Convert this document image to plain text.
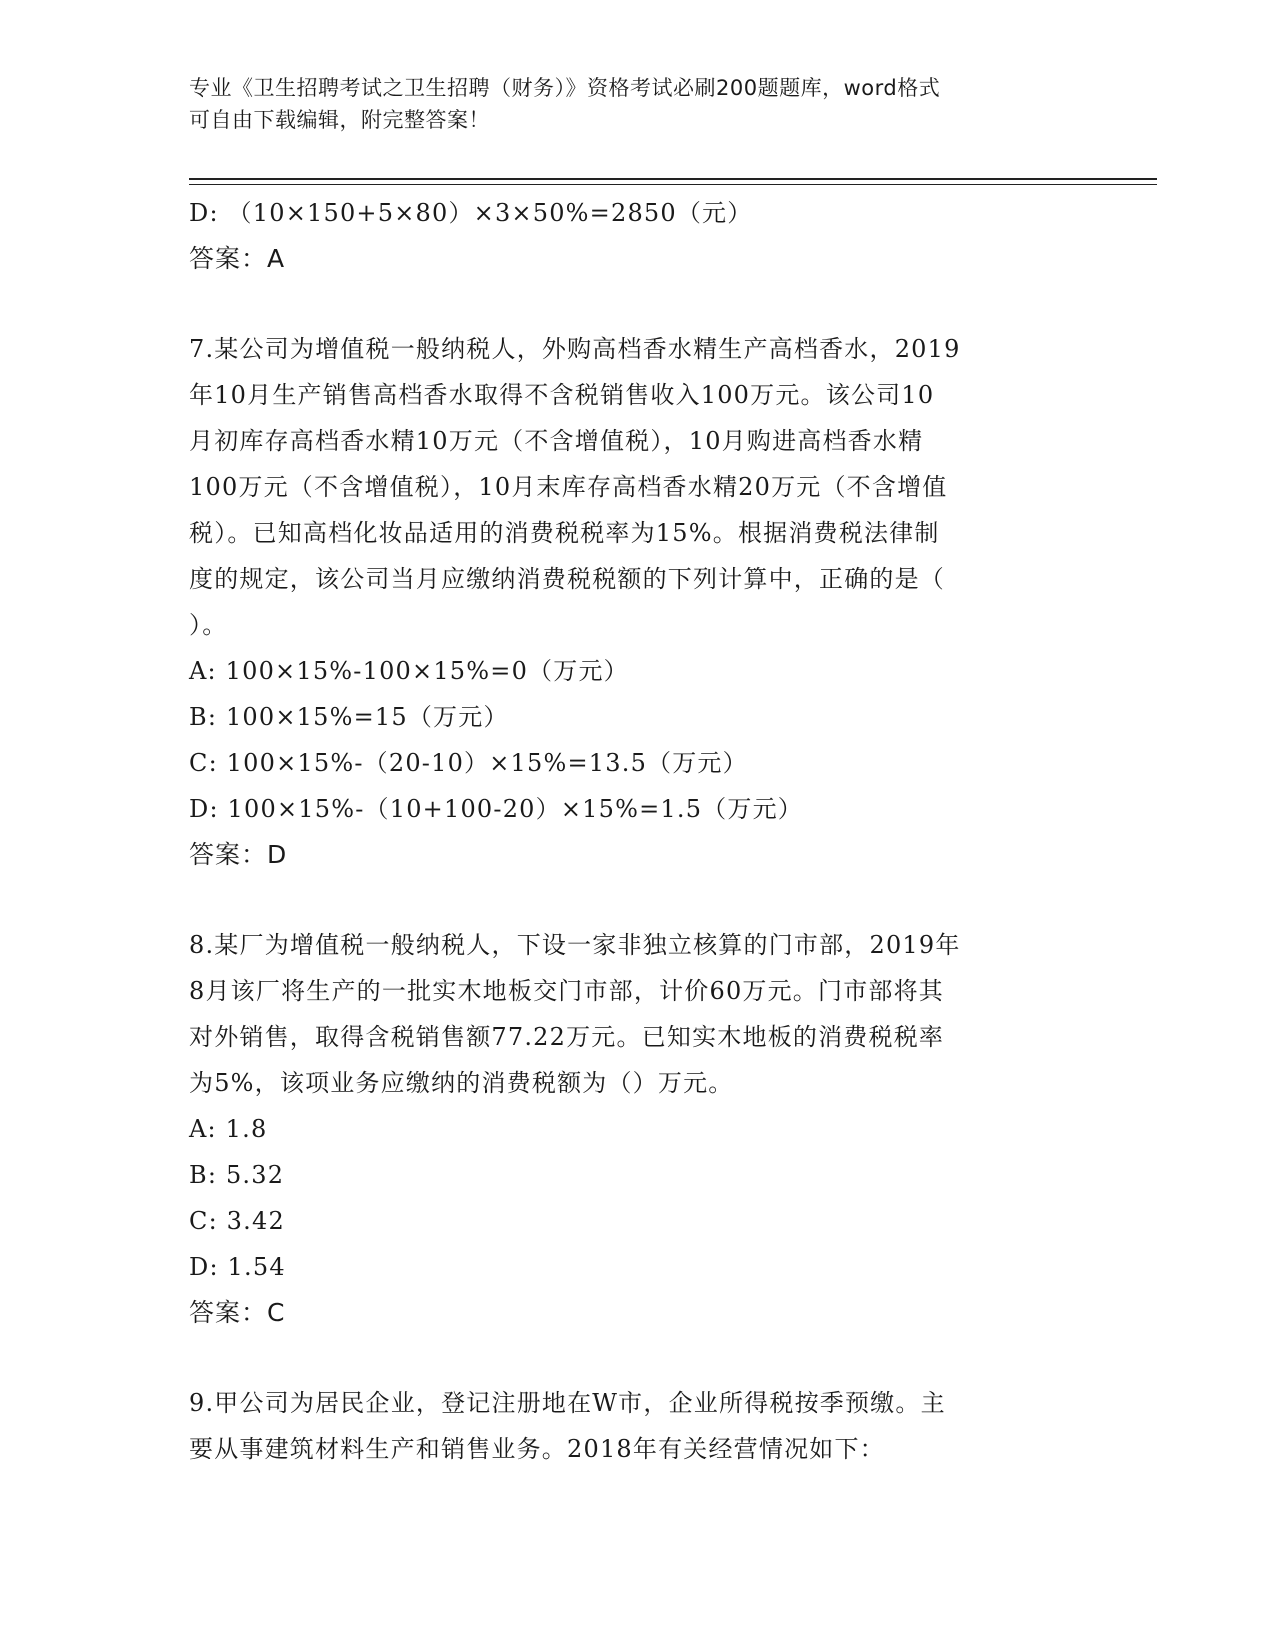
专业《卫生招聘考试之卫生招聘（财务）》资格考试必刷200题题库，word格式
可自由下载编辑，附完整答案！
D: （10×150+5×80）×3×50%=2850（元）
答案：A
7.某公司为增值税一般纳税人，外购高档香水精生产高档香水，2019
年10月生产销售高档香水取得不含税销售收入100万元。该公司10
月初库存高档香水精10万元（不含增值税），10月购进高档香水精
100万元（不含增值税），10月末库存高档香水精20万元（不含增值
税）。已知高档化妆品适用的消费税税率为15%。根据消费税法律制
度的规定，该公司当月应缴纳消费税税额的下列计算中，正确的是（
）。
A: 100×15%-100×15%=0（万元）
B: 100×15%=15（万元）
C: 100×15%-（20-10）×15%=13.5（万元）
D: 100×15%-（10+100-20）×15%=1.5（万元）
答案：D
8.某厂为增值税一般纳税人，下设一家非独立核算的门市部，2019年
8月该厂将生产的一批实木地板交门市部，计价60万元。门市部将其
对外销售，取得含税销售额77.22万元。已知实木地板的消费税税率
为5%，该项业务应缴纳的消费税额为（）万元。
A: 1.8
B: 5.32
C: 3.42
D: 1.54
答案：C
9.甲公司为居民企业，登记注册地在W市，企业所得税按季预缴。主
要从事建筑材料生产和销售业务。2018年有关经营情况如下：
